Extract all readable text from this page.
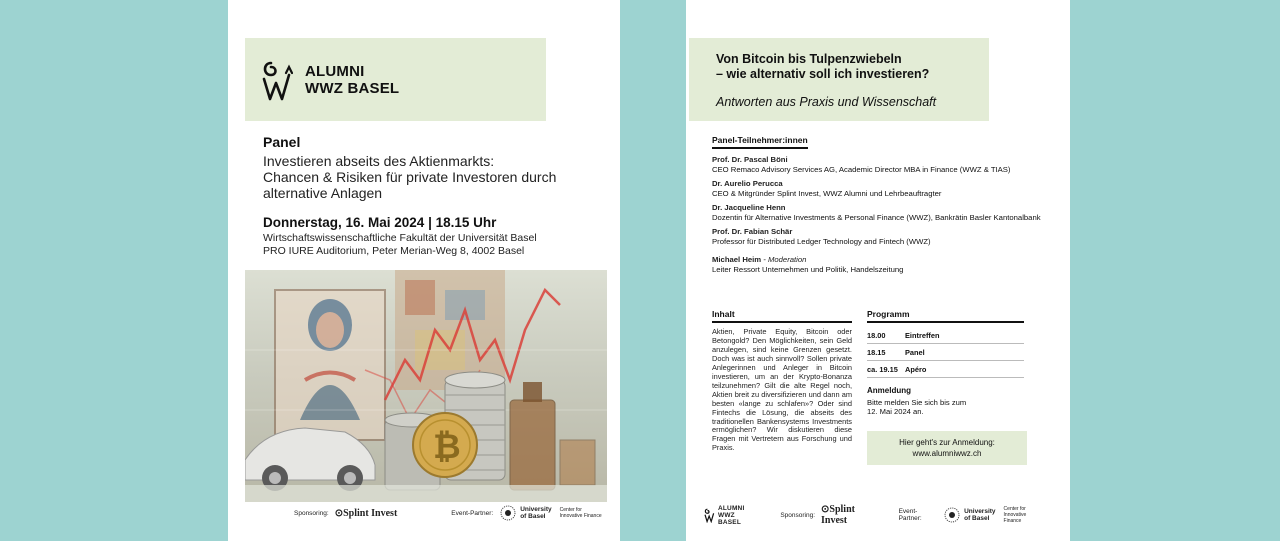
ALUMNI
WWZ BASEL
Panel
Investieren abseits des Aktienmarkts:
Chancen & Risiken für private Investoren durch
alternative Anlagen
Donnerstag, 16. Mai 2024 | 18.15 Uhr
Wirtschaftswissenschaftliche Fakultät der Universität Basel
PRO IURE Auditorium, Peter Merian-Weg 8, 4002 Basel
₿
Sponsoring: ⊙Splint Invest	Event-Partner:	University
of Basel
Center for
Innovative Finance
Von Bitcoin bis Tulpenzwiebeln
– wie alternativ soll ich investieren?
Antworten aus Praxis und Wissenschaft
Panel-Teilnehmer:innen
Prof. Dr. Pascal Böni
CEO Remaco Advisory Services AG, Academic Director MBA in Finance (WWZ & TIAS)
Dr. Aurelio Perucca
CEO & Mitgründer Splint Invest, WWZ Alumni und Lehrbeauftragter
Dr. Jacqueline Henn
Dozentin für Alternative Investments & Personal Finance (WWZ), Bankrätin Basler Kantonalbank
Prof. Dr. Fabian Schär
Professor für Distributed Ledger Technology and Fintech (WWZ)
Michael Heim - Moderation
Leiter Ressort Unternehmen und Politik, Handelszeitung
Inhalt
Aktien, Private Equity, Bitcoin oder Betongold? Den Möglichkeiten, sein Geld anzulegen, sind keine Grenzen gesetzt. Doch was ist auch sinnvoll? Sollen private Anlegerinnen und Anleger in Bitcoin investieren, um an der Krypto-Bonanza teilzunehmen? Gilt die alte Regel noch, Aktien breit zu diversifizieren und dann am besten «lange zu schlafen»? Oder sind Fintechs die Lösung, die abseits des traditionellen Bankensystems Investments ermöglichen? Wir diskutieren diese Fragen mit Vertretern aus Forschung und Praxis.
Programm
18.00	Eintreffen
18.15	Panel
ca. 19.15 Apéro
Anmeldung
Bitte melden Sie sich bis zum
12. Mai 2024 an.
Hier geht's zur Anmeldung:
www.alumniwwz.ch
ALUMNI
WWZ BASEL
Sponsoring: ⊙Splint Invest
Event-Partner:
University
of Basel
Center for
Innovative Finance
